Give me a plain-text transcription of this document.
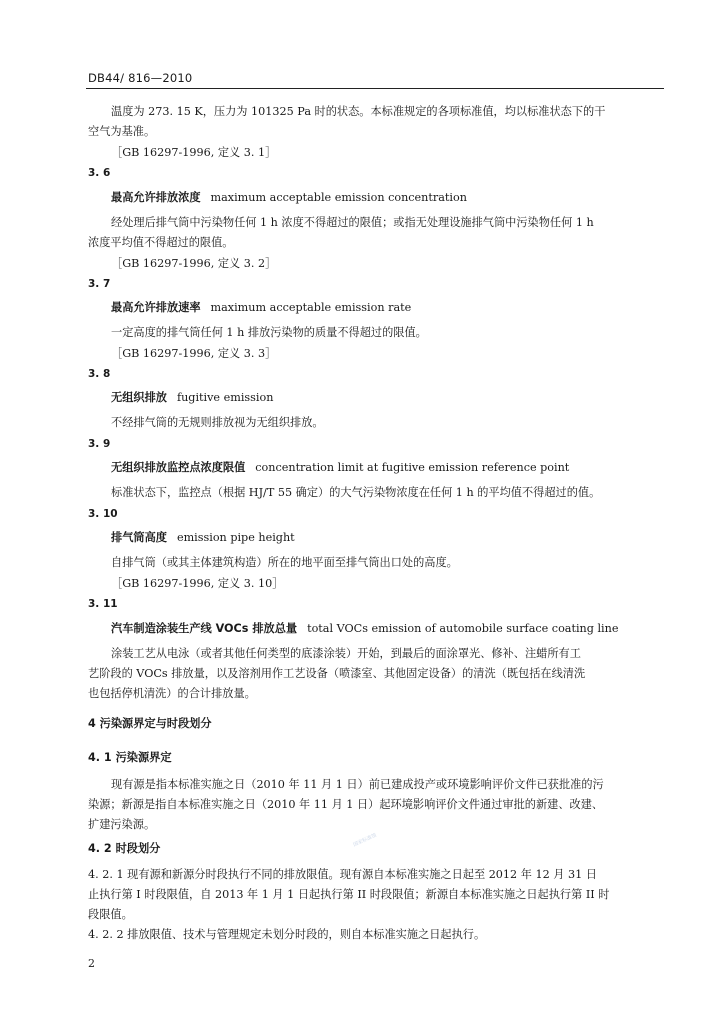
DB44/ 816—2010
温度为 273. 15 K，压力为 101325 Pa 时的状态。本标准规定的各项标准值，均以标准状态下的干
空气为基准。
［GB 16297-1996, 定义 3. 1］
3. 6
最高允许排放浓度 maximum acceptable emission concentration
经处理后排气筒中污染物任何 1 h 浓度不得超过的限值；或指无处理设施排气筒中污染物任何 1 h
浓度平均值不得超过的限值。
［GB 16297-1996, 定义 3. 2］
3. 7
最高允许排放速率 maximum acceptable emission rate
一定高度的排气筒任何 1 h 排放污染物的质量不得超过的限值。
［GB 16297-1996, 定义 3. 3］
3. 8
无组织排放 fugitive emission
不经排气筒的无规则排放视为无组织排放。
3. 9
无组织排放监控点浓度限值 concentration limit at fugitive emission reference point
标准状态下，监控点（根据 HJ/T 55 确定）的大气污染物浓度在任何 1 h 的平均值不得超过的值。
3. 10
排气筒高度 emission pipe height
自排气筒（或其主体建筑构造）所在的地平面至排气筒出口处的高度。
［GB 16297-1996, 定义 3. 10］
3. 11
汽车制造涂装生产线 VOCs 排放总量 total VOCs emission of automobile surface coating line
涂装工艺从电泳（或者其他任何类型的底漆涂装）开始，到最后的面涂罩光、修补、注蜡所有工
艺阶段的 VOCs 排放量，以及溶剂用作工艺设备（喷漆室、其他固定设备）的清洗（既包括在线清洗
也包括停机清洗）的合计排放量。
4 污染源界定与时段划分
4. 1 污染源界定
现有源是指本标准实施之日（2010 年 11 月 1 日）前已建成投产或环境影响评价文件已获批准的污
染源；新源是指自本标准实施之日（2010 年 11 月 1 日）起环境影响评价文件通过审批的新建、改建、
扩建污染源。
4. 2 时段划分
4. 2. 1 现有源和新源分时段执行不同的排放限值。现有源自本标准实施之日起至 2012 年 12 月 31 日
止执行第 I 时段限值，自 2013 年 1 月 1 日起执行第 II 时段限值；新源自本标准实施之日起执行第 II 时
段限值。
4. 2. 2 排放限值、技术与管理规定未划分时段的，则自本标准实施之日起执行。
国家标准馆
2
